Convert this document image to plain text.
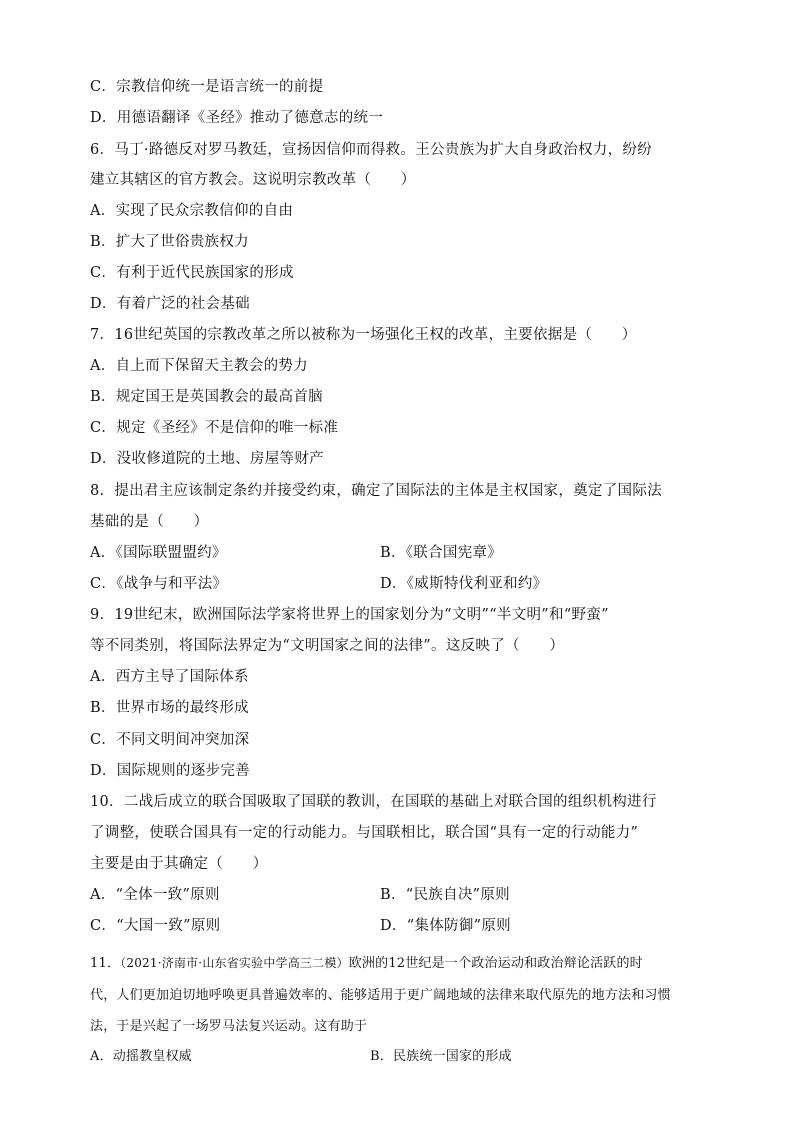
C．宗教信仰统一是语言统一的前提
D．用德语翻译《圣经》推动了德意志的统一
6．马丁·路德反对罗马教廷，宣扬因信仰而得救。王公贵族为扩大自身政治权力，纷纷
建立其辖区的官方教会。这说明宗教改革（　　）
A．实现了民众宗教信仰的自由
B．扩大了世俗贵族权力
C．有利于近代民族国家的形成
D．有着广泛的社会基础
7．16世纪英国的宗教改革之所以被称为一场强化王权的改革，主要依据是（　　）
A．自上而下保留天主教会的势力
B．规定国王是英国教会的最高首脑
C．规定《圣经》不是信仰的唯一标准
D．没收修道院的土地、房屋等财产
8．提出君主应该制定条约并接受约束，确定了国际法的主体是主权国家，奠定了国际法
基础的是（　　）
A．《国际联盟盟约》	B．《联合国宪章》
C．《战争与和平法》	D．《威斯特伐利亚和约》
9．19世纪末，欧洲国际法学家将世界上的国家划分为“文明”“半文明”和“野蛮”
等不同类别，将国际法界定为“文明国家之间的法律”。这反映了（　　）
A．西方主导了国际体系
B．世界市场的最终形成
C．不同文明间冲突加深
D．国际规则的逐步完善
10．二战后成立的联合国吸取了国联的教训，在国联的基础上对联合国的组织机构进行
了调整，使联合国具有一定的行动能力。与国联相比，联合国“具有一定的行动能力”
主要是由于其确定（　　）
A．“全体一致”原则	B．“民族自决”原则
C．“大国一致”原则	D．“集体防御”原则
11．（2021·济南市·山东省实验中学高三二模）欧洲的12世纪是一个政治运动和政治辩论活跃的时
代，人们更加迫切地呼唤更具普遍效率的、能够适用于更广阔地域的法律来取代原先的地方法和习惯
法，于是兴起了一场罗马法复兴运动。这有助于
A．动摇教皇权威	B．民族统一国家的形成
